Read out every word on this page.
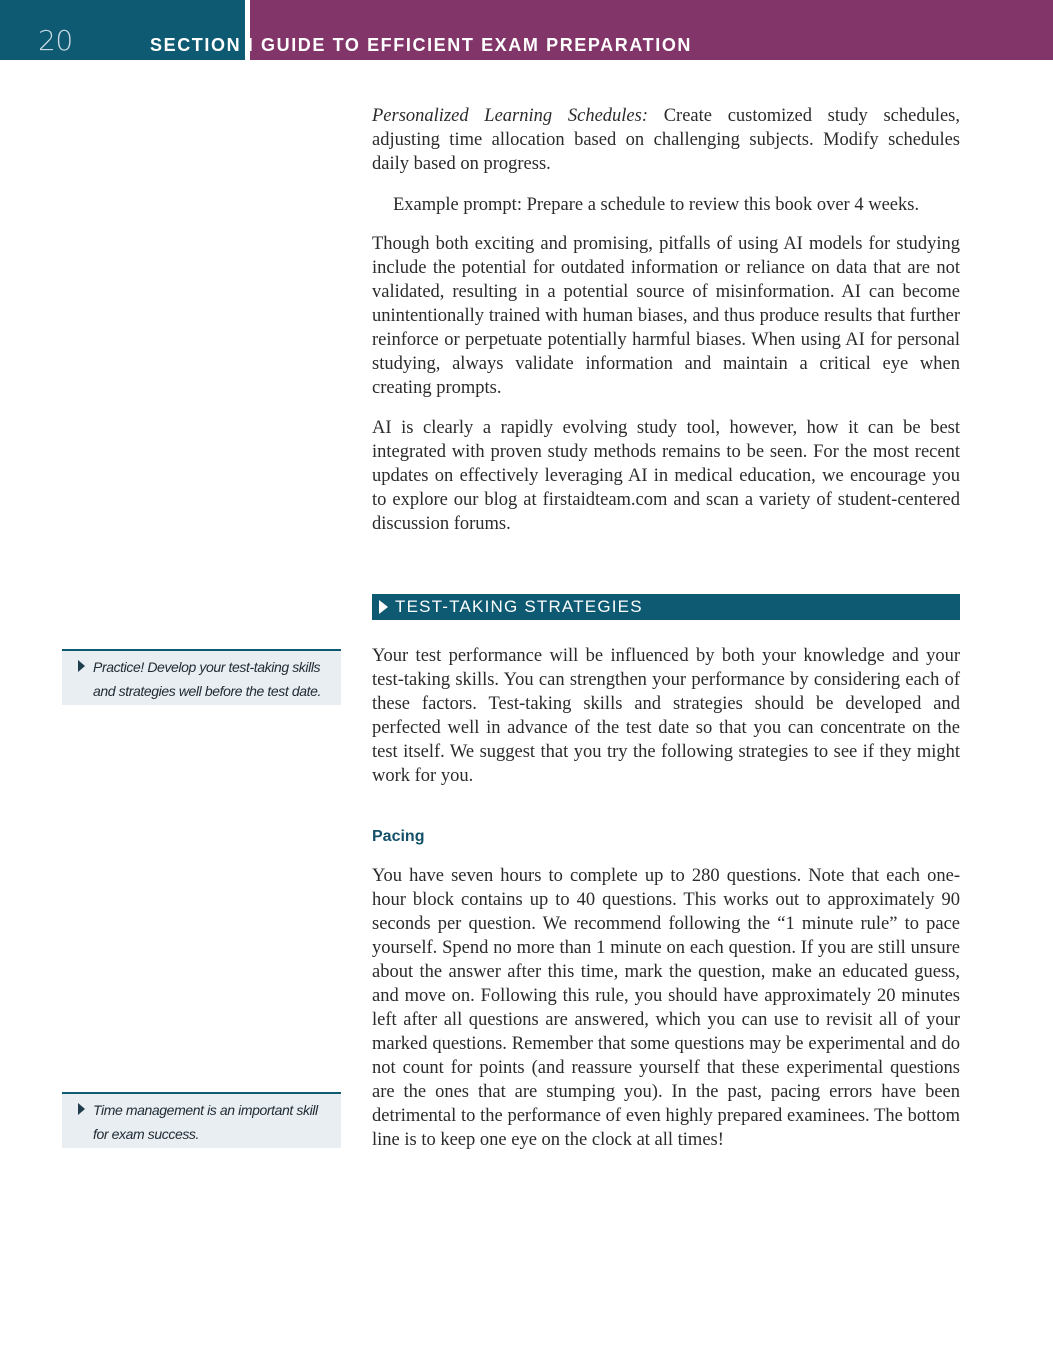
20	SECTION I GUIDE TO EFFICIENT EXAM PREPARATION

Personalized Learning Schedules: Create customized study schedules, adjusting time allocation based on challenging subjects. Modify schedules daily based on progress.

Example prompt: Prepare a schedule to review this book over 4 weeks.

Though both exciting and promising, pitfalls of using AI models for studying include the potential for outdated information or reliance on data that are not validated, resulting in a potential source of misinformation. AI can become unintentionally trained with human biases, and thus produce results that further reinforce or perpetuate potentially harmful biases. When using AI for personal studying, always validate information and maintain a critical eye when creating prompts.

AI is clearly a rapidly evolving study tool, however, how it can be best integrated with proven study methods remains to be seen. For the most recent updates on effectively leveraging AI in medical education, we encourage you to explore our blog at firstaidteam.com and scan a variety of student-centered discussion forums.

TEST-TAKING STRATEGIES

Your test performance will be influenced by both your knowledge and your test-taking skills. You can strengthen your performance by considering each of these factors. Test-taking skills and strategies should be developed and perfected well in advance of the test date so that you can concentrate on the test itself. We suggest that you try the following strategies to see if they might work for you.

Pacing

You have seven hours to complete up to 280 questions. Note that each one-hour block contains up to 40 questions. This works out to approximately 90 seconds per question. We recommend following the “1 minute rule” to pace yourself. Spend no more than 1 minute on each question. If you are still unsure about the answer after this time, mark the question, make an educated guess, and move on. Following this rule, you should have approximately 20 minutes left after all questions are answered, which you can use to revisit all of your marked questions. Remember that some questions may be experimental and do not count for points (and reassure yourself that these experimental questions are the ones that are stumping you). In the past, pacing errors have been detrimental to the performance of even highly prepared examinees. The bottom line is to keep one eye on the clock at all times!

Practice! Develop your test-taking skills and strategies well before the test date.
Time management is an important skill for exam success.
